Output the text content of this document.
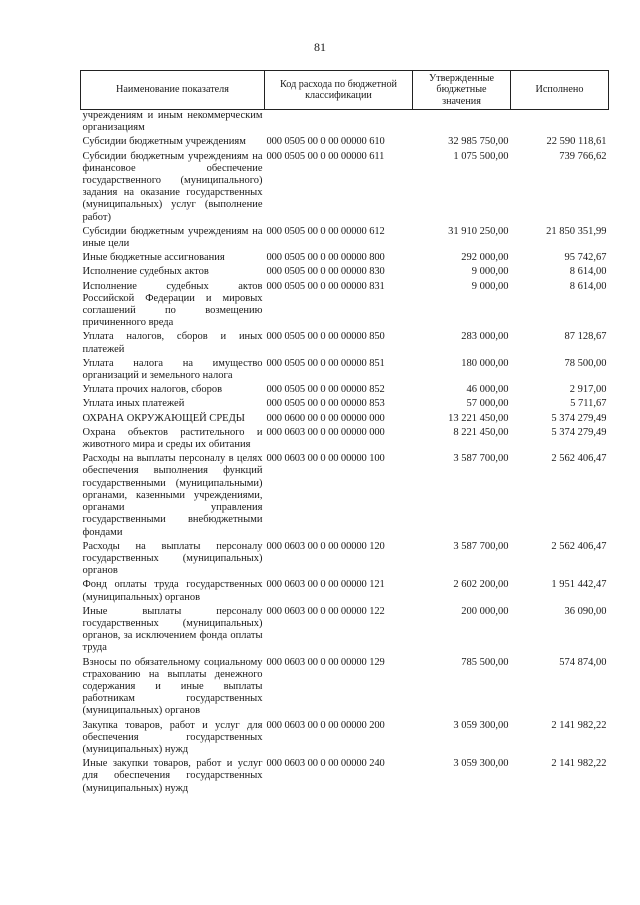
81
Наименование показателя	Код расхода по бюджетной классификации	Утвержденные бюджетные значения	Исполнено
учреждениям и иным некоммерческим организациям			
Субсидии бюджетным учреждениям	000 0505 00 0 00 00000 610	32 985 750,00	22 590 118,61
Субсидии бюджетным учреждениям на финансовое обеспечение государственного (муниципального) задания на оказание государственных (муниципальных) услуг (выполнение работ)	000 0505 00 0 00 00000 611	1 075 500,00	739 766,62
Субсидии бюджетным учреждениям на иные цели	000 0505 00 0 00 00000 612	31 910 250,00	21 850 351,99
Иные бюджетные ассигнования	000 0505 00 0 00 00000 800	292 000,00	95 742,67
Исполнение судебных актов	000 0505 00 0 00 00000 830	9 000,00	8 614,00
Исполнение судебных актов Российской Федерации и мировых соглашений по возмещению причиненного вреда	000 0505 00 0 00 00000 831	9 000,00	8 614,00
Уплата налогов, сборов и иных платежей	000 0505 00 0 00 00000 850	283 000,00	87 128,67
Уплата налога на имущество организаций и земельного налога	000 0505 00 0 00 00000 851	180 000,00	78 500,00
Уплата прочих налогов, сборов	000 0505 00 0 00 00000 852	46 000,00	2 917,00
Уплата иных платежей	000 0505 00 0 00 00000 853	57 000,00	5 711,67
ОХРАНА ОКРУЖАЮЩЕЙ СРЕДЫ	000 0600 00 0 00 00000 000	13 221 450,00	5 374 279,49
Охрана объектов растительного и животного мира и среды их обитания	000 0603 00 0 00 00000 000	8 221 450,00	5 374 279,49
Расходы на выплаты персоналу в целях обеспечения выполнения функций государственными (муниципальными) органами, казенными учреждениями, органами управления государственными внебюджетными фондами	000 0603 00 0 00 00000 100	3 587 700,00	2 562 406,47
Расходы на выплаты персоналу государственных (муниципальных) органов	000 0603 00 0 00 00000 120	3 587 700,00	2 562 406,47
Фонд оплаты труда государственных (муниципальных) органов	000 0603 00 0 00 00000 121	2 602 200,00	1 951 442,47
Иные выплаты персоналу государственных (муниципальных) органов, за исключением фонда оплаты труда	000 0603 00 0 00 00000 122	200 000,00	36 090,00
Взносы по обязательному социальному страхованию на выплаты денежного содержания и иные выплаты работникам государственных (муниципальных) органов	000 0603 00 0 00 00000 129	785 500,00	574 874,00
Закупка товаров, работ и услуг для обеспечения государственных (муниципальных) нужд	000 0603 00 0 00 00000 200	3 059 300,00	2 141 982,22
Иные закупки товаров, работ и услуг для обеспечения государственных (муниципальных) нужд	000 0603 00 0 00 00000 240	3 059 300,00	2 141 982,22
